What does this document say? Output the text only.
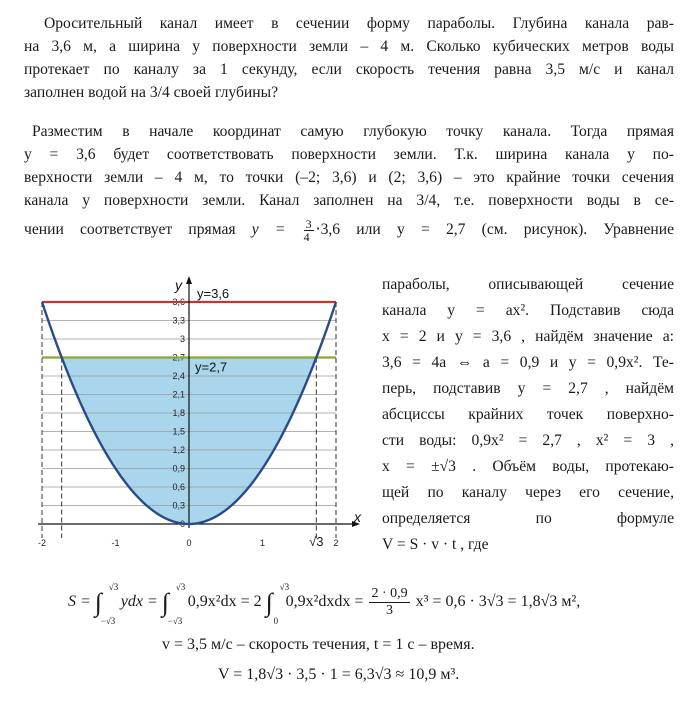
Оросительный канал имеет в сечении форму параболы. Глубина канала рав-
на 3,6 м, а ширина у поверхности земли – 4 м. Сколько кубических метров воды
протекает по каналу за 1 секунду, если скорость течения равна 3,5 м/с и канал
заполнен водой на 3/4 своей глубины?

Разместим в начале координат самую глубокую точку канала. Тогда прямая
y = 3,6 будет соответствовать поверхности земли. Т.к. ширина канала у по-
верхности земли – 4 м, то точки (–2; 3,6) и (2; 3,6) – это крайние точки сечения
канала у поверхности земли. Канал заполнен на 3/4, т.е. поверхности воды в се-
чении соответствует прямая $y = \frac{3}{4} \cdot 3,6$ или y = 2,7 (см. рисунок). Уравнение

0
0,3
0,6
0,9
1,2
1,5
1,8
2,1
2,4
2,7
3
3,3
3,6
x
y
y=3,6
y=2,7
-2	-1	0	1	√3 2
параболы, описывающей сечение
канала y = ax². Подставив сюда
x = 2 и y = 3,6 , найдём значение a:
3,6 = 4a ⇔ a = 0,9 и y = 0,9x². Те-
перь, подставив y = 2,7 , найдём
абсциссы крайних точек поверхно-
сти воды: 0,9x² = 2,7 , x² = 3 ,
x = ±√3 . Объём воды, протекаю-
щей по каналу через его сечение,
определяется по формуле
V = S · v · t , где
S = ∫
√3
−√3
ydx = ∫
√3
−√3
0,9x²dx = 2 ∫
√3
0
0,9x²dxdx = $\frac{2 \cdot 0,9}{3} x^3 = 0,6 \cdot 3√3 = 1,8√3$ м²,
v = 3,5 м/с – скорость течения, t = 1 с – время.
V = 1,8√3 · 3,5 · 1 = 6,3√3 ≈ 10,9 м³.
